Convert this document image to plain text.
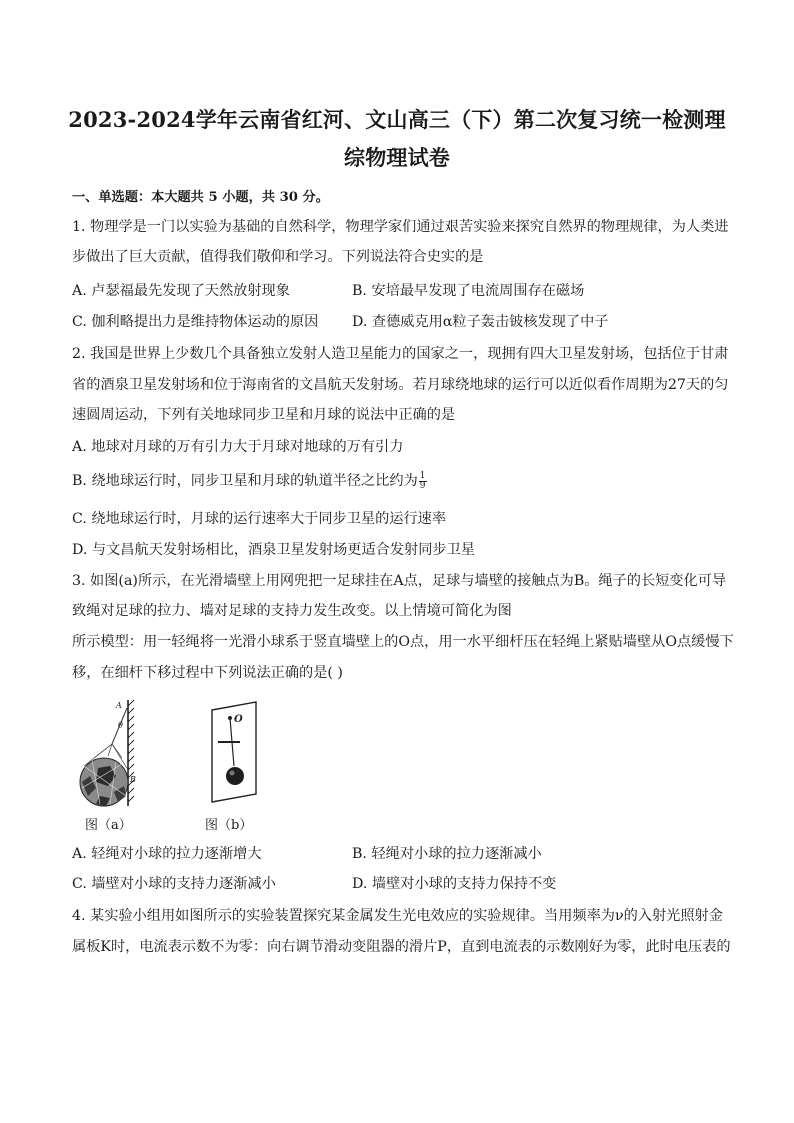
2023-2024学年云南省红河、文山高三（下）第二次复习统一检测理
综物理试卷
一、单选题：本大题共 5 小题，共 30 分。
1. 物理学是一门以实验为基础的自然科学，物理学家们通过艰苦实验来探究自然界的物理规律，为人类进
步做出了巨大贡献，值得我们敬仰和学习。下列说法符合史实的是
A. 卢瑟福最先发现了天然放射现象	B. 安培最早发现了电流周围存在磁场
C. 伽利略提出力是维持物体运动的原因 D. 查德威克用α粒子轰击铍核发现了中子
2. 我国是世界上少数几个具备独立发射人造卫星能力的国家之一，现拥有四大卫星发射场，包括位于甘肃
省的酒泉卫星发射场和位于海南省的文昌航天发射场。若月球绕地球的运行可以近似看作周期为27天的匀
速圆周运动，下列有关地球同步卫星和月球的说法中正确的是
A. 地球对月球的万有引力大于月球对地球的万有引力
B. 绕地球运行时，同步卫星和月球的轨道半径之比约为 $\frac{1}{9}$
C. 绕地球运行时，月球的运行速率大于同步卫星的运行速率
D. 与文昌航天发射场相比，酒泉卫星发射场更适合发射同步卫星
3. 如图(a)所示，在光滑墙壁上用网兜把一足球挂在A点，足球与墙壁的接触点为B。绳子的长短变化可导
致绳对足球的拉力、墙对足球的支持力发生改变。以上情境可简化为图
所示模型：用一轻绳将一光滑小球系于竖直墙壁上的O点，用一水平细杆压在轻绳上紧贴墙壁从O点缓慢下
移，在细杆下移过程中下列说法正确的是( )
A
θ
B
图（a）
O
图（b）
A. 轻绳对小球的拉力逐渐增大	B. 轻绳对小球的拉力逐渐减小
C. 墙壁对小球的支持力逐渐减小	D. 墙壁对小球的支持力保持不变
4. 某实验小组用如图所示的实验装置探究某金属发生光电效应的实验规律。当用频率为ν的入射光照射金
属板K时，电流表示数不为零：向右调节滑动变阻器的滑片P，直到电流表的示数刚好为零，此时电压表的
